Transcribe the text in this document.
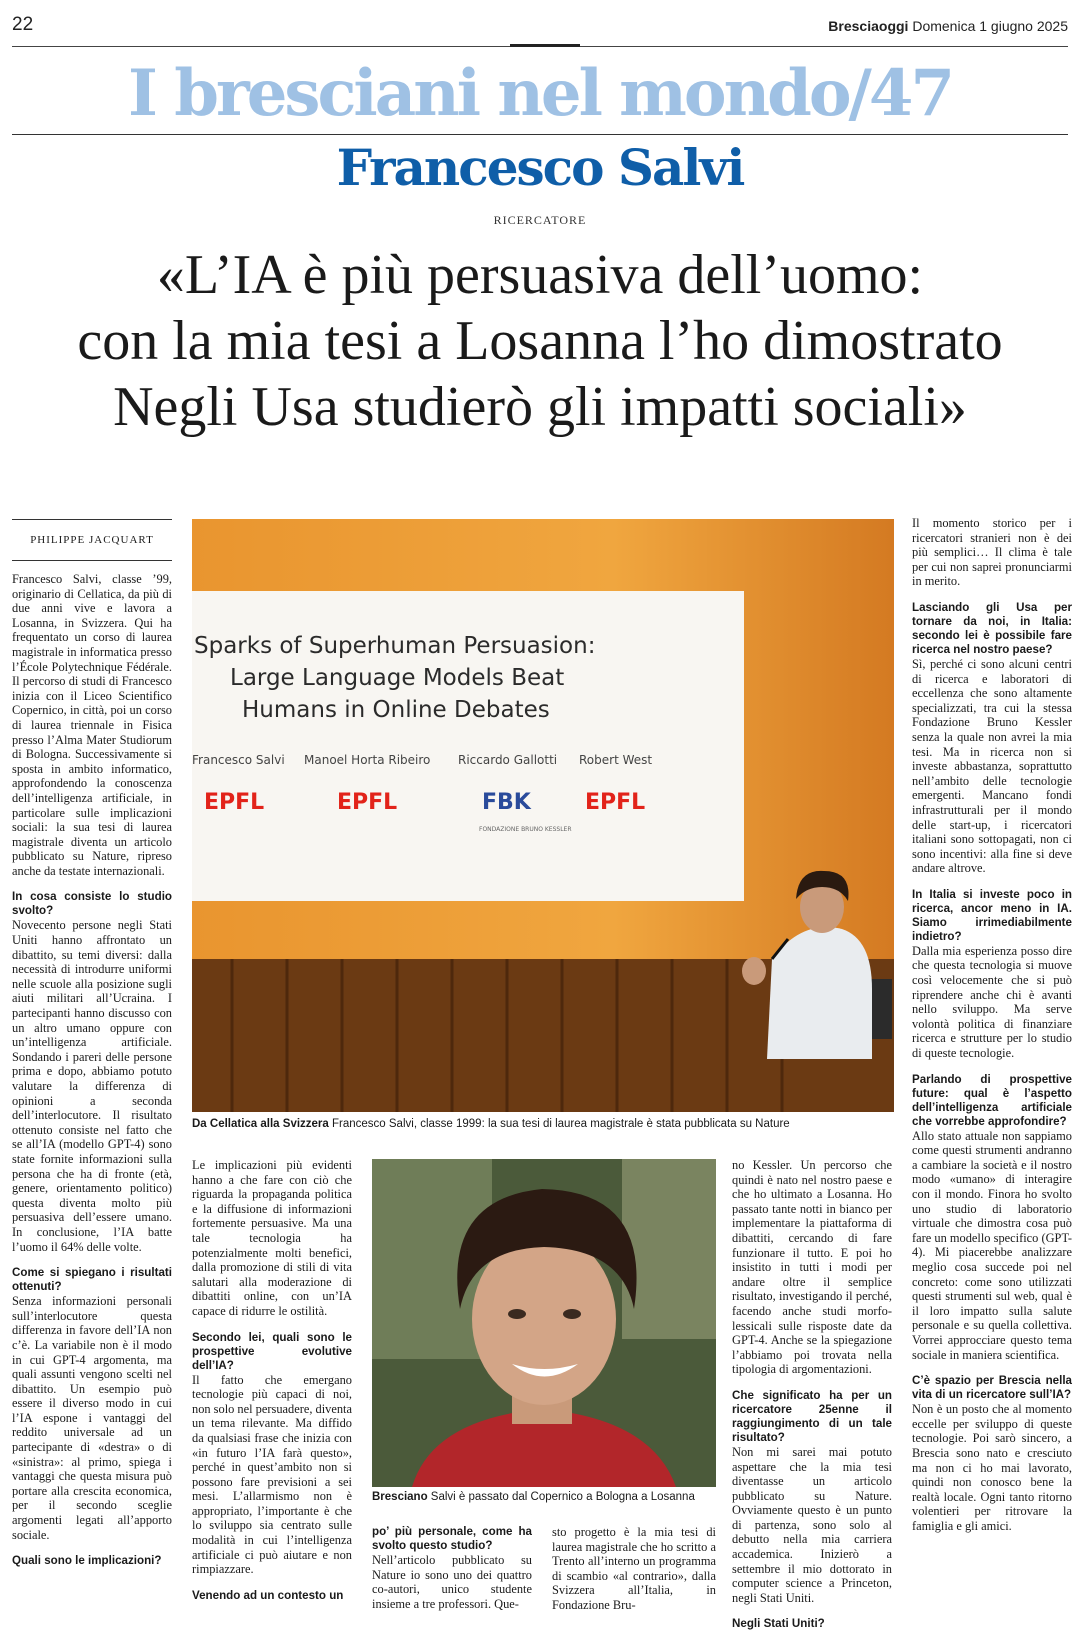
22	Bresciaoggi Domenica 1 giugno 2025
I bresciani nel mondo/47
Francesco Salvi
RICERCATORE
«L’IA è più persuasiva dell’uomo:
con la mia tesi a Losanna l’ho dimostrato
Negli Usa studierò gli impatti sociali»
PHILIPPE JACQUART

Francesco Salvi, classe ’99, originario di Cellatica, da più di due anni vive e lavora a Losanna, in Svizzera. Qui ha frequentato un corso di laurea magistrale in informatica presso l’École Polytechnique Fédérale. Il percorso di studi di Francesco inizia con il Liceo Scientifico Copernico, in città, poi un corso di laurea triennale in Fisica presso l’Alma Mater Studiorum di Bologna. Successivamente si sposta in ambito informatico, approfondendo la conoscenza dell’intelligenza artificiale, in particolare sulle implicazioni sociali: la sua tesi di laurea magistrale diventa un articolo pubblicato su Nature, ripreso anche da testate internazionali.

In cosa consiste lo studio svolto?

Novecento persone negli Stati Uniti hanno affrontato un dibattito, su temi diversi: dalla necessità di introdurre uniformi nelle scuole alla posizione sugli aiuti militari all’Ucraina. I partecipanti hanno discusso con un altro umano oppure con un’intelligenza artificiale. Sondando i pareri delle persone prima e dopo, abbiamo potuto valutare la differenza di opinioni a seconda dell’interlocutore. Il risultato ottenuto consiste nel fatto che se all’IA (modello GPT-4) sono state fornite informazioni sulla persona che ha di fronte (età, genere, orientamento politico) questa diventa molto più persuasiva dell’essere umano. In conclusione, l’IA batte l’uomo il 64% delle volte.

Come si spiegano i risultati ottenuti?

Senza informazioni personali sull’interlocutore questa differenza in favore dell’IA non c’è. La variabile non è il modo in cui GPT-4 argomenta, ma quali assunti vengono scelti nel dibattito. Un esempio può essere il diverso modo in cui l’IA espone i vantaggi del reddito universale ad un partecipante di «destra» o di «sinistra»: al primo, spiega i vantaggi che questa misura può portare alla crescita economica, per il secondo sceglie argomenti legati all’apporto sociale.

Quali sono le implicazioni?
Sparks of Superhuman Persuasion:
Large Language Models Beat
Humans in Online Debates
Francesco Salvi Manoel Horta Ribeiro Riccardo Gallotti Robert West
EPFL	EPFL	FBK
FONDAZIONE BRUNO KESSLER
EPFL
Da Cellatica alla Svizzera Francesco Salvi, classe 1999: la sua tesi di laurea magistrale è stata pubblicata su Nature

Le implicazioni più evidenti hanno a che fare con ciò che riguarda la propaganda politica e la diffusione di informazioni fortemente persuasive. Ma una tale tecnologia ha potenzialmente molti benefici, dalla promozione di stili di vita salutari alla moderazione di dibattiti online, con un’IA capace di ridurre le ostilità.

Secondo lei, quali sono le prospettive evolutive dell’IA?

Il fatto che emergano tecnologie più capaci di noi, non solo nel persuadere, diventa un tema rilevante. Ma diffido da qualsiasi frase che inizia con «in futuro l’IA farà questo», perché in quest’ambito non si possono fare previsioni a sei mesi. L’allarmismo non è appropriato, l’importante è che lo sviluppo sia centrato sulle modalità in cui l’intelligenza artificiale ci può aiutare e non rimpiazzare.

Venendo ad un contesto un
Bresciano Salvi è passato dal Copernico a Bologna a Losanna
po’ più personale, come ha svolto questo studio?

Nell’articolo pubblicato su Nature io sono uno dei quattro co-autori, unico studente insieme a tre professori. Que-

sto progetto è la mia tesi di laurea magistrale che ho scritto a Trento all’interno un programma di scambio «al contrario», dalla Svizzera all’Italia, in Fondazione Bru-

no Kessler. Un percorso che quindi è nato nel nostro paese e che ho ultimato a Losanna. Ho passato tante notti in bianco per implementare la piattaforma di dibattiti, cercando di fare funzionare il tutto. E poi ho insistito in tutti i modi per andare oltre il semplice risultato, investigando il perché, facendo anche studi morfo-lessicali sulle risposte date da GPT-4. Anche se la spiegazione l’abbiamo poi trovata nella tipologia di argomentazioni.

Che significato ha per un ricercatore 25enne il raggiungimento di un tale risultato?

Non mi sarei mai potuto aspettare che la mia tesi diventasse un articolo pubblicato su Nature. Ovviamente questo è un punto di partenza, sono solo al debutto nella mia carriera accademica. Inizierò a settembre il mio dottorato in computer science a Princeton, negli Stati Uniti.

Negli Stati Uniti?

Il momento storico per i ricercatori stranieri non è dei più semplici… Il clima è tale per cui non saprei pronunciarmi in merito.

Lasciando gli Usa per tornare da noi, in Italia: secondo lei è possibile fare ricerca nel nostro paese?

Sì, perché ci sono alcuni centri di ricerca e laboratori di eccellenza che sono altamente specializzati, tra cui la stessa Fondazione Bruno Kessler senza la quale non avrei la mia tesi. Ma in ricerca non si investe abbastanza, soprattutto nell’ambito delle tecnologie emergenti. Mancano fondi infrastrutturali per il mondo delle start-up, i ricercatori italiani sono sottopagati, non ci sono incentivi: alla fine si deve andare altrove.

In Italia si investe poco in ricerca, ancor meno in IA. Siamo irrimediabilmente indietro?

Dalla mia esperienza posso dire che questa tecnologia si muove così velocemente che si può riprendere anche chi è avanti nello sviluppo. Ma serve volontà politica di finanziare ricerca e strutture per lo studio di queste tecnologie.

Parlando di prospettive future: qual è l’aspetto dell’intelligenza artificiale che vorrebbe approfondire?

Allo stato attuale non sappiamo come questi strumenti andranno a cambiare la società e il nostro modo «umano» di interagire con il mondo. Finora ho svolto uno studio di laboratorio virtuale che dimostra cosa può fare un modello specifico (GPT-4). Mi piacerebbe analizzare meglio cosa succede poi nel concreto: come sono utilizzati questi strumenti sul web, qual è il loro impatto sulla salute personale e su quella collettiva. Vorrei approcciare questo tema sociale in maniera scientifica.

C’è spazio per Brescia nella vita di un ricercatore sull’IA?

Non è un posto che al momento eccelle per sviluppo di queste tecnologie. Poi sarò sincero, a Brescia sono nato e cresciuto ma non ci ho mai lavorato, quindi non conosco bene la realtà locale. Ogni tanto ritorno volentieri per ritrovare la famiglia e gli amici.
